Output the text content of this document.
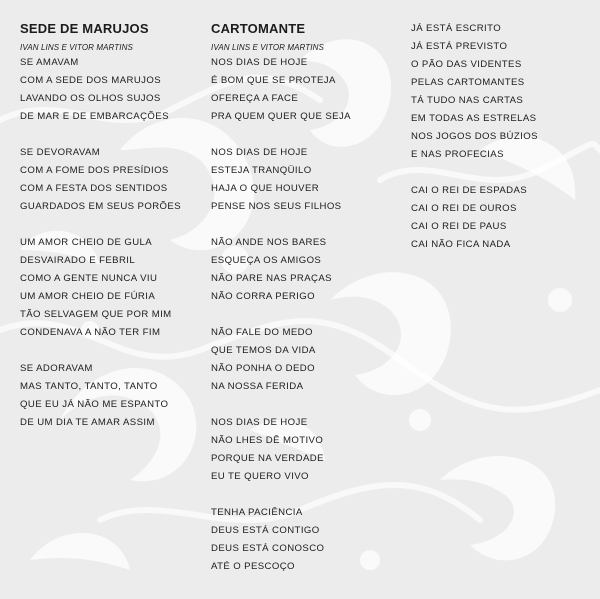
SEDE DE MARUJOS
IVAN LINS E VITOR MARTINS
SE AMAVAM
COM A SEDE DOS MARUJOS
LAVANDO OS OLHOS SUJOS
DE MAR E DE EMBARCAÇÕES
SE DEVORAVAM
COM A FOME DOS PRESÍDIOS
COM A FESTA DOS SENTIDOS
GUARDADOS EM SEUS PORÕES
UM AMOR CHEIO DE GULA
DESVAIRADO E FEBRIL
COMO A GENTE NUNCA VIU
UM AMOR CHEIO DE FÚRIA
TÃO SELVAGEM QUE POR MIM
CONDENAVA A NÃO TER FIM
SE ADORAVAM
MAS TANTO, TANTO, TANTO
QUE EU JÁ NÃO ME ESPANTO
DE UM DIA TE AMAR ASSIM
CARTOMANTE
IVAN LINS E VITOR MARTINS
NOS DIAS DE HOJE
É BOM QUE SE PROTEJA
OFEREÇA A FACE
PRA QUEM QUER QUE SEJA
NOS DIAS DE HOJE
ESTEJA TRANQÜILO
HAJA O QUE HOUVER
PENSE NOS SEUS FILHOS
NÃO ANDE NOS BARES
ESQUEÇA OS AMIGOS
NÃO PARE NAS PRAÇAS
NÃO CORRA PERIGO
NÃO FALE DO MEDO
QUE TEMOS DA VIDA
NÃO PONHA O DEDO
NA NOSSA FERIDA
NOS DIAS DE HOJE
NÃO LHES DÊ MOTIVO
PORQUE NA VERDADE
EU TE QUERO VIVO
TENHA PACIÊNCIA
DEUS ESTÁ CONTIGO
DEUS ESTÁ CONOSCO
ATÉ O PESCOÇO
JÁ ESTÁ ESCRITO
JÁ ESTÁ PREVISTO
O PÃO DAS VIDENTES
PELAS CARTOMANTES
TÁ TUDO NAS CARTAS
EM TODAS AS ESTRELAS
NOS JOGOS DOS BÚZIOS
E NAS PROFECIAS
CAI O REI DE ESPADAS
CAI O REI DE OUROS
CAI O REI DE PAUS
CAI NÃO FICA NADA
